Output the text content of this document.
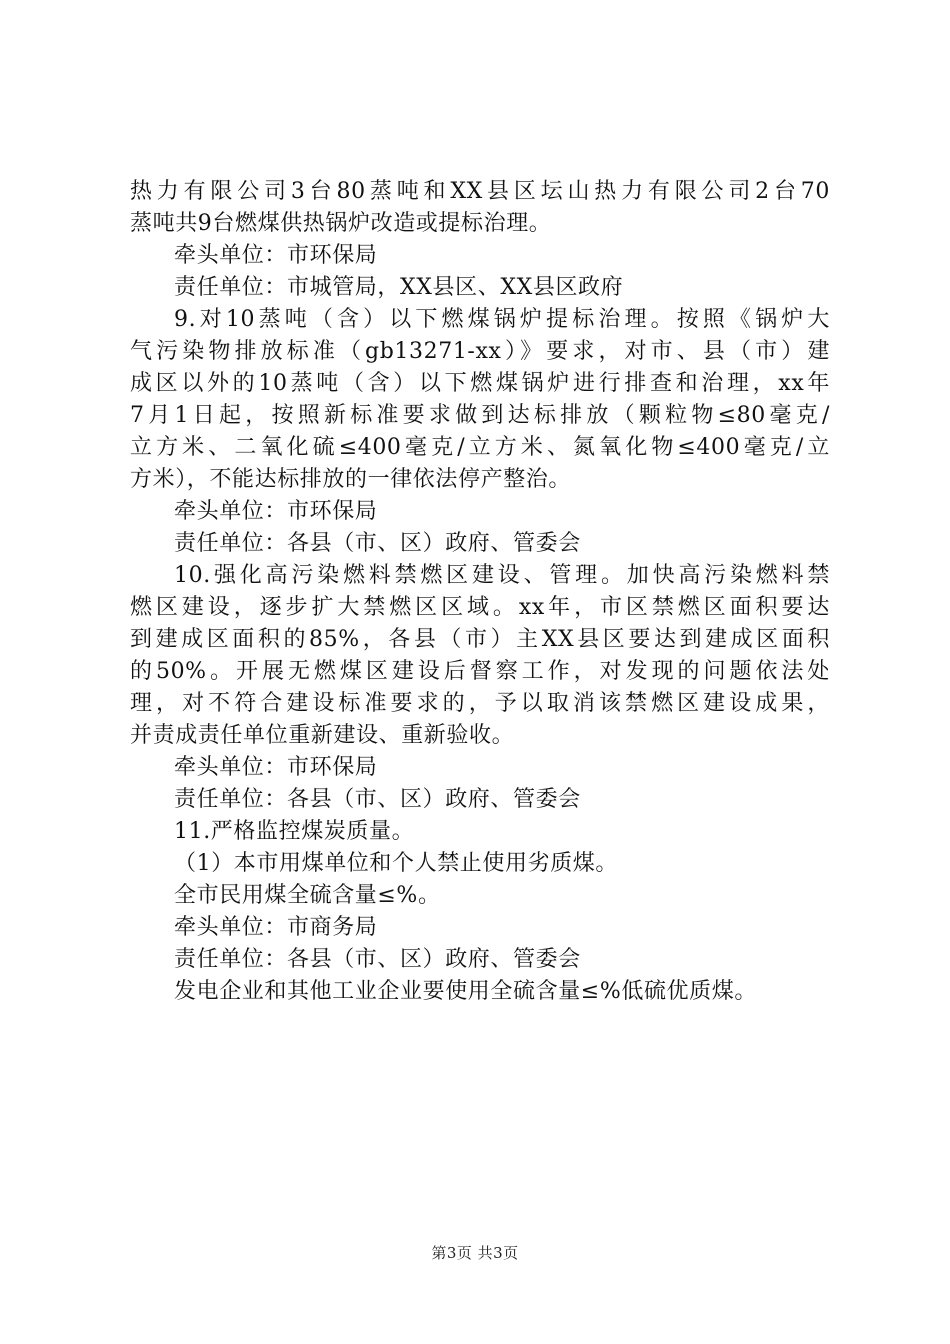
热力有限公司3台80蒸吨和XX县区坛山热力有限公司2台70
蒸吨共9台燃煤供热锅炉改造或提标治理。
牵头单位：市环保局
责任单位：市城管局，XX县区、XX县区政府
9.对10蒸吨（含）以下燃煤锅炉提标治理。按照《锅炉大
气污染物排放标准（gb13271-xx）》要求，对市、县（市）建
成区以外的10蒸吨（含）以下燃煤锅炉进行排查和治理，xx年
7月1日起，按照新标准要求做到达标排放（颗粒物≤80毫克/
立方米、二氧化硫≤400毫克/立方米、氮氧化物≤400毫克/立
方米），不能达标排放的一律依法停产整治。
牵头单位：市环保局
责任单位：各县（市、区）政府、管委会
10.强化高污染燃料禁燃区建设、管理。加快高污染燃料禁
燃区建设，逐步扩大禁燃区区域。xx年，市区禁燃区面积要达
到建成区面积的85%，各县（市）主XX县区要达到建成区面积
的50%。开展无燃煤区建设后督察工作，对发现的问题依法处
理，对不符合建设标准要求的，予以取消该禁燃区建设成果，
并责成责任单位重新建设、重新验收。
牵头单位：市环保局
责任单位：各县（市、区）政府、管委会
11.严格监控煤炭质量。
（1）本市用煤单位和个人禁止使用劣质煤。
全市民用煤全硫含量≤%。
牵头单位：市商务局
责任单位：各县（市、区）政府、管委会
发电企业和其他工业企业要使用全硫含量≤%低硫优质煤。
第3页 共3页
